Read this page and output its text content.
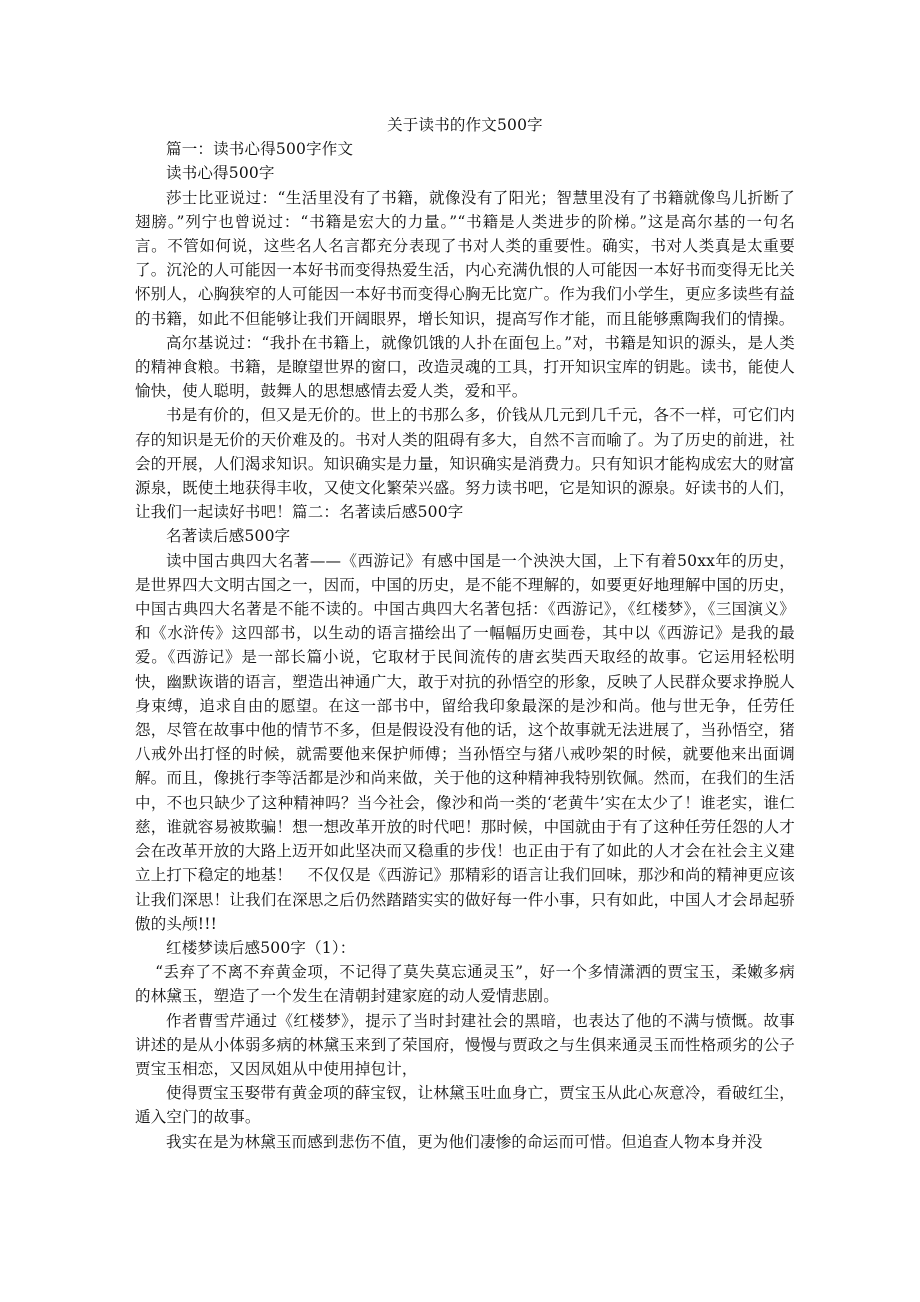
关于读书的作文500字

篇一：读书心得500字作文

读书心得500字

莎士比亚说过：“生活里没有了书籍，就像没有了阳光；智慧里没有了书籍就像鸟儿折断了翅膀。”列宁也曾说过：“书籍是宏大的力量。”“书籍是人类进步的阶梯。”这是高尔基的一句名言。不管如何说，这些名人名言都充分表现了书对人类的重要性。确实，书对人类真是太重要了。沉沦的人可能因一本好书而变得热爱生活，内心充满仇恨的人可能因一本好书而变得无比关怀别人，心胸狭窄的人可能因一本好书而变得心胸无比宽广。作为我们小学生，更应多读些有益的书籍，如此不但能够让我们开阔眼界，增长知识，提高写作才能，而且能够熏陶我们的情操。

高尔基说过：“我扑在书籍上，就像饥饿的人扑在面包上。”对，书籍是知识的源头，是人类的精神食粮。书籍，是瞭望世界的窗口，改造灵魂的工具，打开知识宝库的钥匙。读书，能使人愉快，使人聪明，鼓舞人的思想感情去爱人类，爱和平。

书是有价的，但又是无价的。世上的书那么多，价钱从几元到几千元，各不一样，可它们内存的知识是无价的天价难及的。书对人类的阻碍有多大，自然不言而喻了。为了历史的前进，社会的开展，人们渴求知识。知识确实是力量，知识确实是消费力。只有知识才能构成宏大的财富源泉，既使土地获得丰收，又使文化繁荣兴盛。努力读书吧，它是知识的源泉。好读书的人们，让我们一起读好书吧！篇二：名著读后感500字

名著读后感500字

读中国古典四大名著——《西游记》有感中国是一个泱泱大国，上下有着50xx年的历史，是世界四大文明古国之一，因而，中国的历史，是不能不理解的，如要更好地理解中国的历史，中国古典四大名著是不能不读的。中国古典四大名著包括：《西游记》，《红楼梦》，《三国演义》和《水浒传》这四部书，以生动的语言描绘出了一幅幅历史画卷，其中以《西游记》是我的最爱。《西游记》是一部长篇小说，它取材于民间流传的唐玄奘西天取经的故事。它运用轻松明快，幽默诙谐的语言，塑造出神通广大，敢于对抗的孙悟空的形象，反映了人民群众要求挣脱人身束缚，追求自由的愿望。在这一部书中，留给我印象最深的是沙和尚。他与世无争，任劳任怨，尽管在故事中他的情节不多，但是假设没有他的话，这个故事就无法进展了，当孙悟空，猪八戒外出打怪的时候，就需要他来保护师傅；当孙悟空与猪八戒吵架的时候，就要他来出面调解。而且，像挑行李等活都是沙和尚来做，关于他的这种精神我特别钦佩。然而，在我们的生活中，不也只缺少了这种精神吗？当今社会，像沙和尚一类的‘老黄牛’实在太少了！谁老实，谁仁慈，谁就容易被欺骗！想一想改革开放的时代吧！那时候，中国就由于有了这种任劳任怨的人才会在改革开放的大路上迈开如此坚决而又稳重的步伐！也正由于有了如此的人才会在社会主义建立上打下稳定的地基！　不仅仅是《西游记》那精彩的语言让我们回味，那沙和尚的精神更应该让我们深思！让我们在深思之后仍然踏踏实实的做好每一件小事，只有如此，中国人才会昂起骄傲的头颅!!!

红楼梦读后感500字（1）：

“丢弃了不离不弃黄金项，不记得了莫失莫忘通灵玉”，好一个多情潇洒的贾宝玉，柔嫩多病的林黛玉，塑造了一个发生在清朝封建家庭的动人爱情悲剧。

作者曹雪芹通过《红楼梦》，提示了当时封建社会的黑暗，也表达了他的不满与愤慨。故事讲述的是从小体弱多病的林黛玉来到了荣国府，慢慢与贾政之与生俱来通灵玉而性格顽劣的公子贾宝玉相恋，又因凤姐从中使用掉包计，

使得贾宝玉娶带有黄金项的薛宝钗，让林黛玉吐血身亡，贾宝玉从此心灰意冷，看破红尘，遁入空门的故事。

我实在是为林黛玉而感到悲伤不值，更为他们凄惨的命运而可惜。但追查人物本身并没
